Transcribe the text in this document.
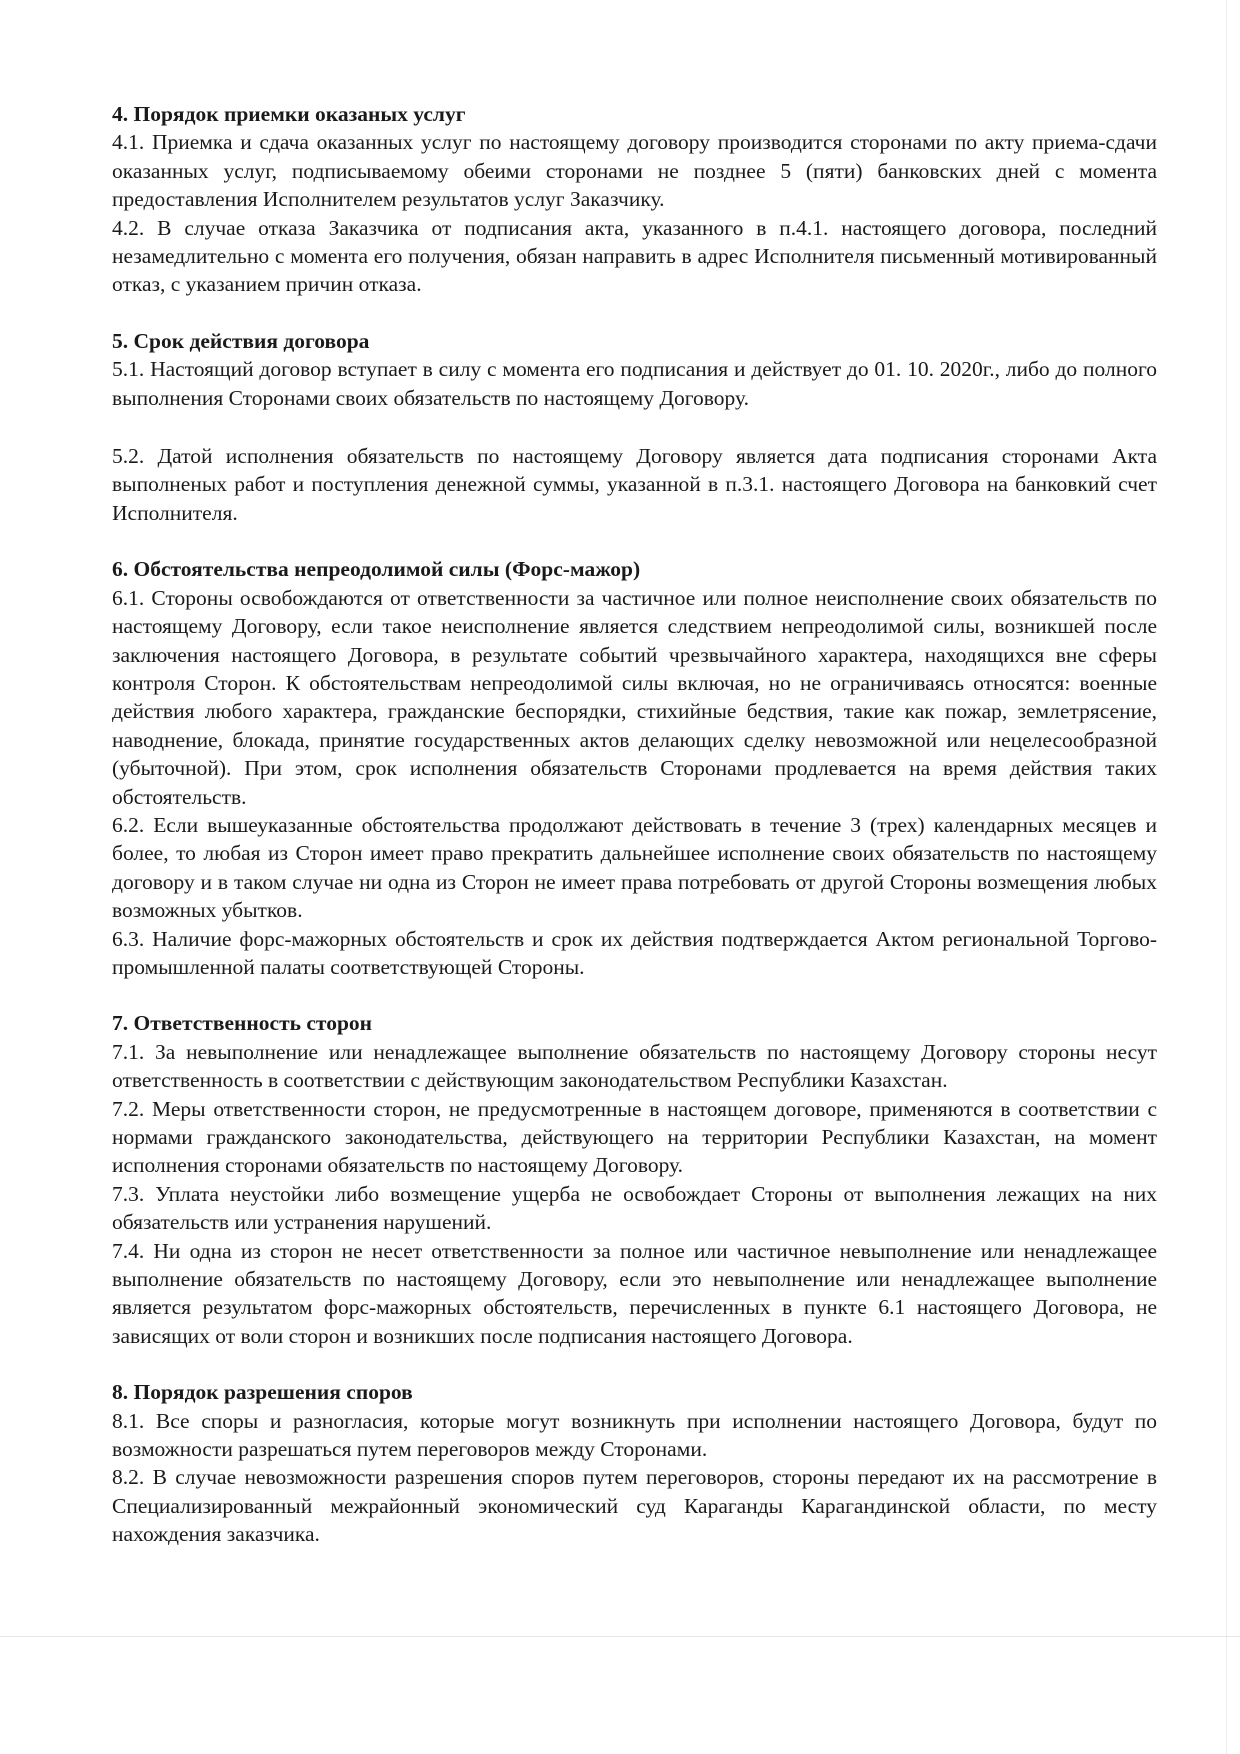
4. Порядок приемки оказаных услуг

4.1. Приемка и сдача оказанных услуг по настоящему договору производится сторонами по акту приема-сдачи оказанных услуг, подписываемому обеими сторонами не позднее 5 (пяти) банковских дней с момента предоставления Исполнителем результатов услуг Заказчику.

4.2. В случае отказа Заказчика от подписания акта, указанного в п.4.1. настоящего договора, последний незамедлительно с момента его получения, обязан направить в адрес Исполнителя письменный мотивированный отказ, с указанием причин отказа.

5. Срок действия договора

5.1. Настоящий договор вступает в силу с момента его подписания и действует до 01. 10. 2020г., либо до полного выполнения Сторонами своих обязательств по настоящему Договору.

5.2. Датой исполнения обязательств по настоящему Договору является дата подписания сторонами Акта выполненых работ и поступления денежной суммы, указанной в п.3.1. настоящего Договора на банковкий счет Исполнителя.

6. Обстоятельства непреодолимой силы (Форс-мажор)

6.1. Стороны освобождаются от ответственности за частичное или полное неисполнение своих обязательств по настоящему Договору, если такое неисполнение является следствием непреодолимой силы, возникшей после заключения настоящего Договора, в результате событий чрезвычайного характера, находящихся вне сферы контроля Сторон. К обстоятельствам непреодолимой силы включая, но не ограничиваясь относятся: военные действия любого характера, гражданские беспорядки, стихийные бедствия, такие как пожар, землетрясение, наводнение, блокада, принятие государственных актов делающих сделку невозможной или нецелесообразной (убыточной). При этом, срок исполнения обязательств Сторонами продлевается на время действия таких обстоятельств.

6.2. Если вышеуказанные обстоятельства продолжают действовать в течение 3 (трех) календарных месяцев и более, то любая из Сторон имеет право прекратить дальнейшее исполнение своих обязательств по настоящему договору и в таком случае ни одна из Сторон не имеет права потребовать от другой Стороны возмещения любых возможных убытков.

6.3. Наличие форс-мажорных обстоятельств и срок их действия подтверждается Актом региональной Торгово-промышленной палаты соответствующей Стороны.

7. Ответственность сторон

7.1. За невыполнение или ненадлежащее выполнение обязательств по настоящему Договору стороны несут ответственность в соответствии с действующим законодательством Республики Казахстан.

7.2. Меры ответственности сторон, не предусмотренные в настоящем договоре, применяются в соответствии с нормами гражданского законодательства, действующего на территории Республики Казахстан, на момент исполнения сторонами обязательств по настоящему Договору.

7.3. Уплата неустойки либо возмещение ущерба не освобождает Стороны от выполнения лежащих на них обязательств или устранения нарушений.

7.4. Ни одна из сторон не несет ответственности за полное или частичное невыполнение или ненадлежащее выполнение обязательств по настоящему Договору, если это невыполнение или ненадлежащее выполнение является результатом форс-мажорных обстоятельств, перечисленных в пункте 6.1 настоящего Договора, не зависящих от воли сторон и возникших после подписания настоящего Договора.

8. Порядок разрешения споров

8.1. Все споры и разногласия, которые могут возникнуть при исполнении настоящего Договора, будут по возможности разрешаться путем переговоров между Сторонами.

8.2. В случае невозможности разрешения споров путем переговоров, стороны передают их на рассмотрение в Специализированный межрайонный экономический суд Караганды Карагандинской области, по месту нахождения заказчика.
